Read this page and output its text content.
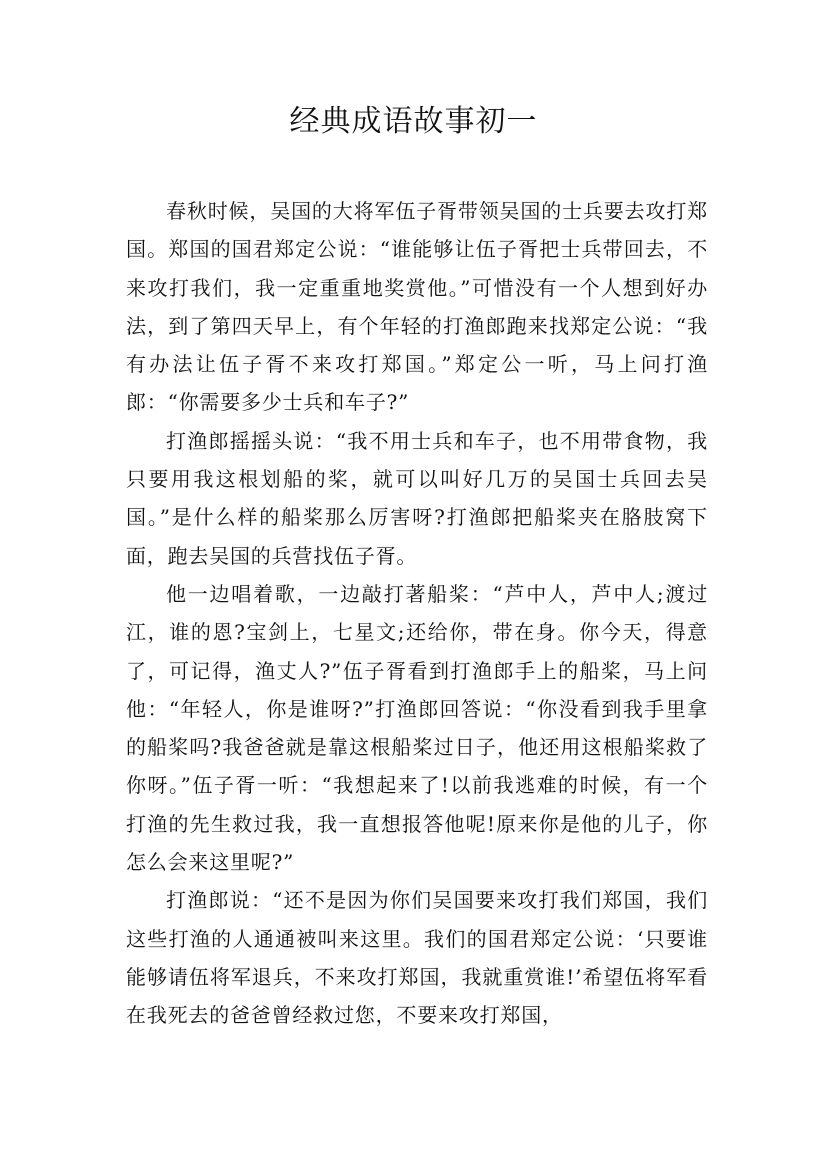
经典成语故事初一

春秋时候，吴国的大将军伍子胥带领吴国的士兵要去攻打郑国。郑国的国君郑定公说：“谁能够让伍子胥把士兵带回去，不来攻打我们，我一定重重地奖赏他。”可惜没有一个人想到好办法，到了第四天早上，有个年轻的打渔郎跑来找郑定公说：“我有办法让伍子胥不来攻打郑国。”郑定公一听，马上问打渔郎：“你需要多少士兵和车子?”

打渔郎摇摇头说：“我不用士兵和车子，也不用带食物，我只要用我这根划船的桨，就可以叫好几万的吴国士兵回去吴国。”是什么样的船桨那么厉害呀?打渔郎把船桨夹在胳肢窝下面，跑去吴国的兵营找伍子胥。

他一边唱着歌，一边敲打著船桨：“芦中人，芦中人;渡过江，谁的恩?宝剑上，七星文;还给你，带在身。你今天，得意了，可记得，渔丈人?”伍子胥看到打渔郎手上的船桨，马上问他：“年轻人，你是谁呀?”打渔郎回答说：“你没看到我手里拿的船桨吗?我爸爸就是靠这根船桨过日子，他还用这根船桨救了你呀。”伍子胥一听：“我想起来了!以前我逃难的时候，有一个打渔的先生救过我，我一直想报答他呢!原来你是他的儿子，你怎么会来这里呢?”

打渔郎说：“还不是因为你们吴国要来攻打我们郑国，我们这些打渔的人通通被叫来这里。我们的国君郑定公说：‘只要谁能够请伍将军退兵，不来攻打郑国，我就重赏谁!’希望伍将军看在我死去的爸爸曾经救过您，不要来攻打郑国，
